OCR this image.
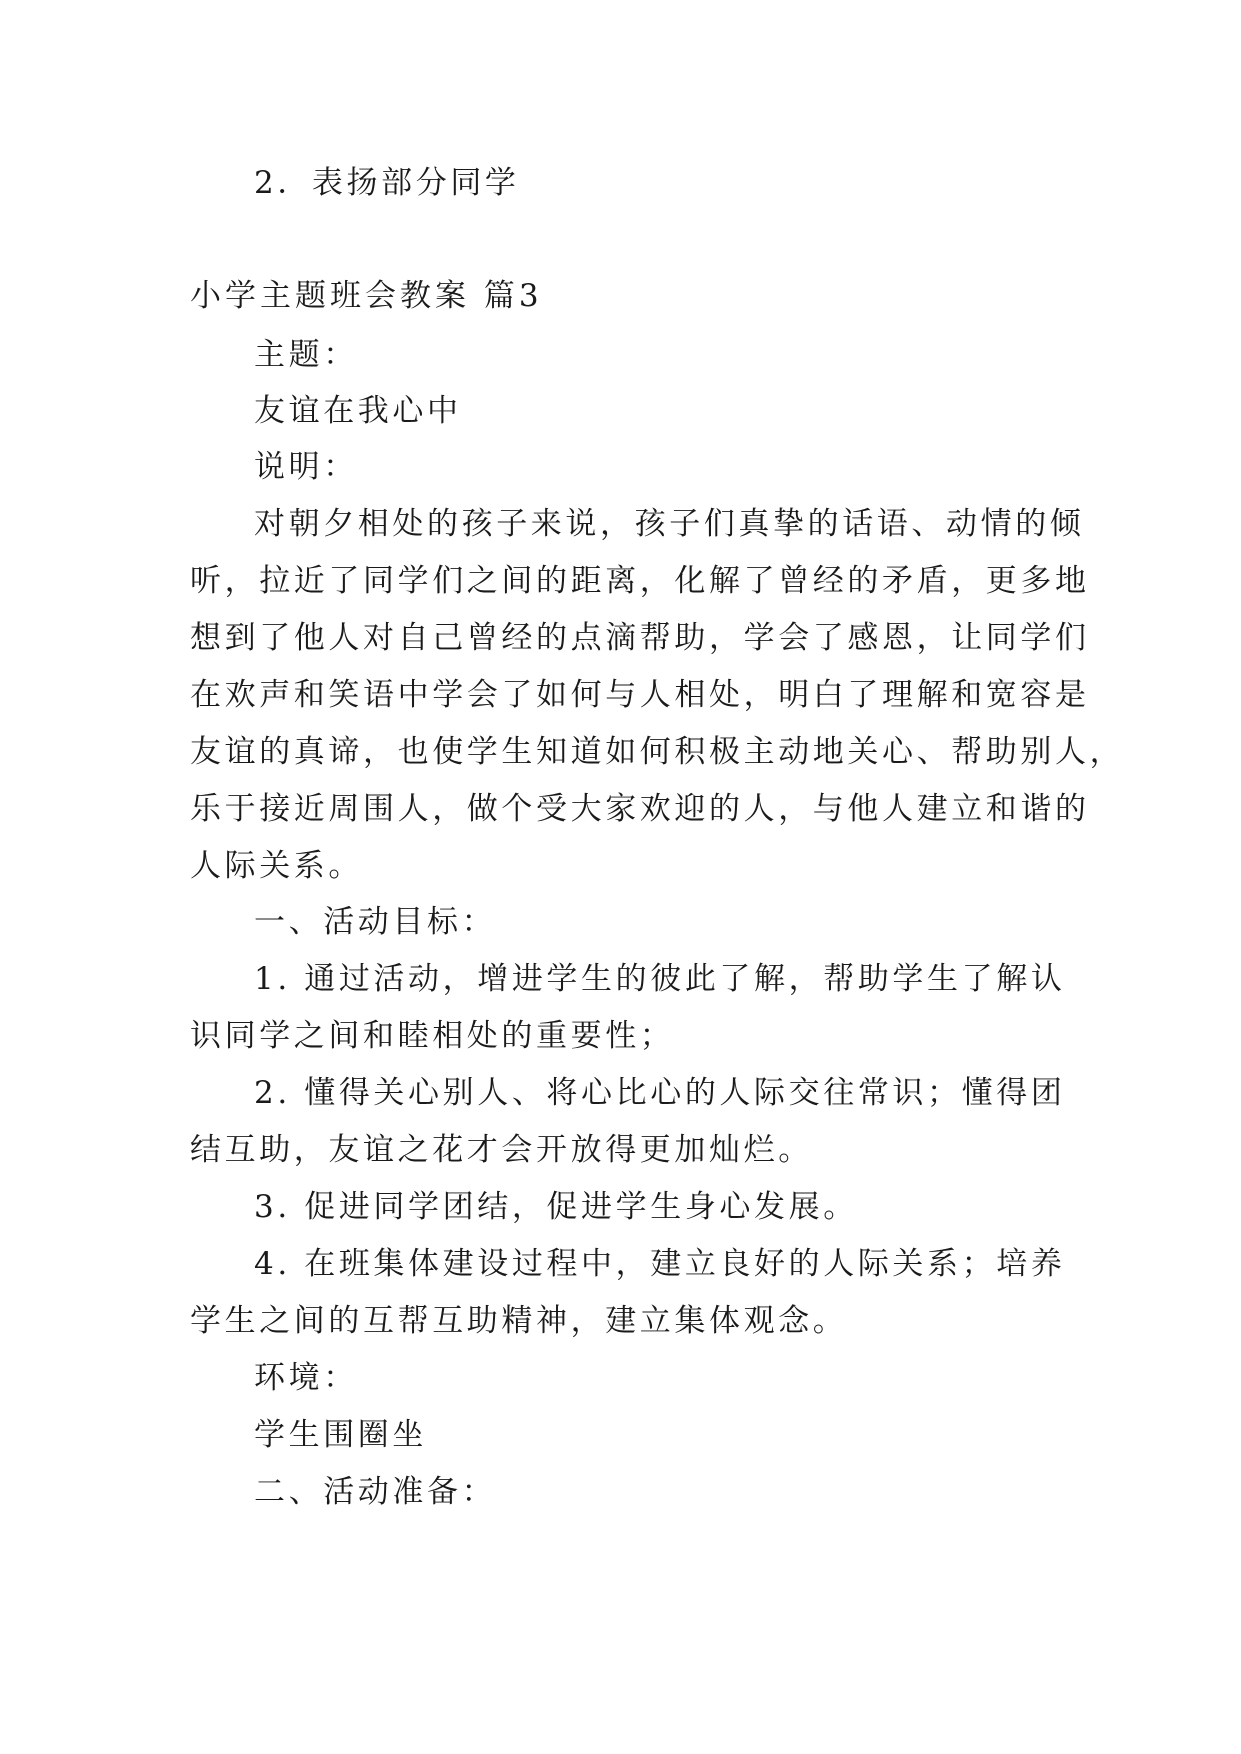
2．表扬部分同学
小学主题班会教案 篇3
主题：
友谊在我心中
说明：
对朝夕相处的孩子来说，孩子们真挚的话语、动情的倾
听，拉近了同学们之间的距离，化解了曾经的矛盾，更多地
想到了他人对自己曾经的点滴帮助，学会了感恩，让同学们
在欢声和笑语中学会了如何与人相处，明白了理解和宽容是
友谊的真谛，也使学生知道如何积极主动地关心、帮助别人，
乐于接近周围人，做个受大家欢迎的人，与他人建立和谐的
人际关系。
一、活动目标：
1. 通过活动，增进学生的彼此了解，帮助学生了解认
识同学之间和睦相处的重要性；
2. 懂得关心别人、将心比心的人际交往常识；懂得团
结互助，友谊之花才会开放得更加灿烂。
3. 促进同学团结，促进学生身心发展。
4. 在班集体建设过程中，建立良好的人际关系；培养
学生之间的互帮互助精神，建立集体观念。
环境：
学生围圈坐
二、活动准备：
